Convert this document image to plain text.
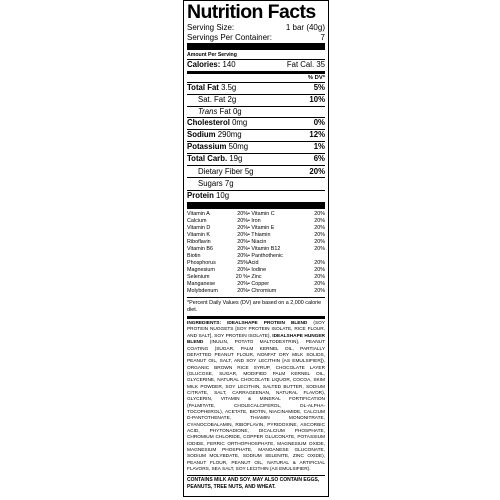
Nutrition Facts
Serving Size:	1 bar (40g)
Servings Per Container:	7
Amount Per Serving
Calories: 140	Fat Cal. 35
% DV*
Total Fat 3.5g	5%
Sat. Fat 2g	10%
Trans Fat 0g
Cholesterol 0mg	0%
Sodium 290mg	12%
Potassium 50mg	1%
Total Carb. 19g	6%
Dietary Fiber 5g	20%
Sugars 7g
Protein 10g
Vitamin A	20% • Vitamin C	20%
Calcium	20% • Iron	20%
Vitamin D	20% • Vitamin E	20%
Vitamin K	20% • Thiamin	20%
Riboflavin	20% • Niacin	20%
Vitamin B6	20% • Vitamin B12	20%
Biotin	20% • Panthothenic
Phosphorus	25% Acid	20%
Magnesium	20% • Iodine	20%
Selenium	20 % • Zinc	20%
Manganese	20% • Copper	20%
Molybdenum	20% • Chromium	20%
*Percent Daily Values (DV) are based on a 2,000 calorie diet.
INGREDIENTS: IDEALSHAPE PROTEIN BLEND (SOY PROTEIN NUGGETS [SOY PROTEIN ISOLATE, RICE FLOUR, AND SALT], SOY PROTEIN ISOLATE), IDEALSHAPE HUNGER BLEND (INULIN, POTATO MALTODEXTRIN), PEANUT COATING (SUGAR, PALM KERNEL OIL, PARTIALLY DEFATTED PEANUT FLOUR, NONFAT DRY MILK SOLIDS, PEANUT OIL, SALT, AND SOY LECITHIN [AS EMULSIFIER]), ORGANIC BROWN RICE SYRUP, CHOCOLATE LAYER (GLUCOSE, SUGAR, MODIFIED PALM KERNEL OIL, GLYCERINE, NATURAL CHOCOLATE LIQUOR, COCOA, SKIM MILK POWDER, SOY LECITHIN, SALTED BUTTER, SODIUM CITRATE, SALT, CARRAGEENAN, NATURAL FLAVOR), GLYCERIN, VITAMIN & MINERAL FORTIFICATION (PALMITATE, CHOLECALCIFEROL, DL-ALPHA-TOCOPHEROL), ACETATE, BIOTIN, NIACINAMIDE, CALCIUM D-PANTOTHENATE, THIAMIN MONONITRATE, CYANOCOBALAMIN, RIBOFLAVIN, PYRIDOXINE, ASCORBIC ACID, PHYTONADIONE, DICALCIUM PHOSPHATE, CHROMIUM CHLORIDE, COPPER GLUCONATE, POTASSIUM IODIDE, FERRIC ORTHOPHOSPHATE, MAGNESIUM OXIDE, MAGNESIUM PHOSPHATE, MANGANESE GLUCONATE, SODIUM MOLYBDATE, SODIUM SELENITE, ZINC OXIDE), PEANUT FLOUR, PEANUT OIL, NATURAL & ARTIFICIAL FLAVORS, SEA SALT, SOY LECITHIN (AS EMULSIFIER).
CONTAINS MILK AND SOY. MAY ALSO CONTAIN EGGS, PEANUTS, TREE NUTS, AND WHEAT.
